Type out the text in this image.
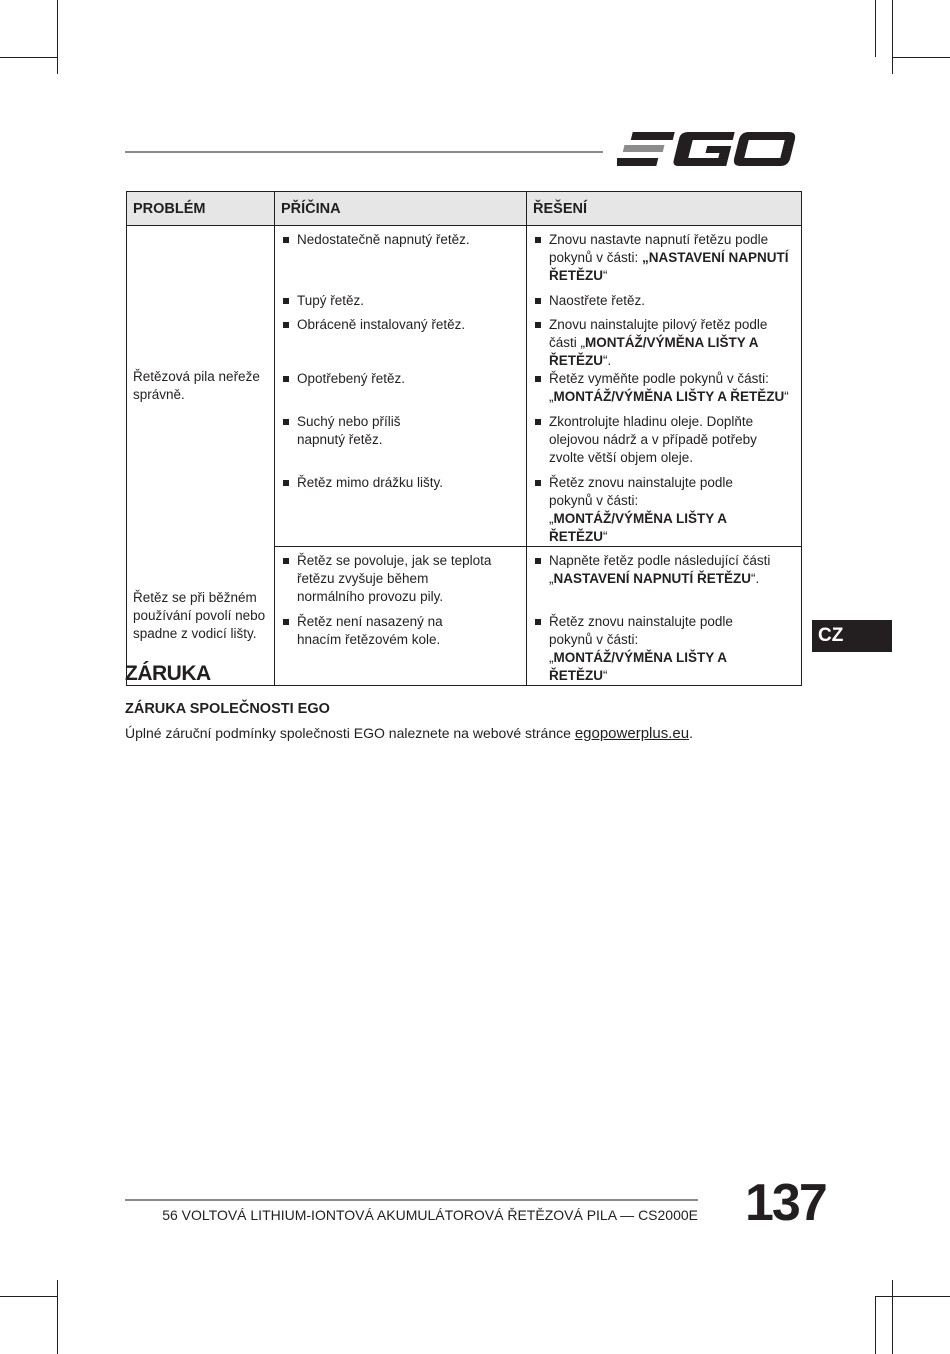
PROBLÉM	PŘÍČINA	ŘEŠENÍ
Řetězová pila neřeže správně.	Nedostatečně napnutý řetěz.	Znovu nastavte napnutí řetězu podle pokynů v části: „NASTAVENÍ NAPNUTÍ ŘETĚZU“

	Tupý řetěz.	Naostřete řetěz.

	Obráceně instalovaný řetěz.	Znovu nainstalujte pilový řetěz podle části „MONTÁŽ/VÝMĚNA LIŠTY A ŘETĚZU“.

	Opotřebený řetěz.	Řetěz vyměňte podle pokynů v části: „MONTÁŽ/VÝMĚNA LIŠTY A ŘETĚZU“

	Suchý nebo příliš napnutý řetěz.	Zkontrolujte hladinu oleje. Doplňte olejovou nádrž a v případě potřeby zvolte větší objem oleje.

	Řetěz mimo drážku lišty.	Řetěz znovu nainstalujte podle pokynů v části: „MONTÁŽ/VÝMĚNA LIŠTY A ŘETĚZU“

Řetěz se při běžném používání povolí nebo spadne z vodicí lišty.	Řetěz se povoluje, jak se teplota řetězu zvyšuje během normálního provozu pily.	Napněte řetěz podle následující části „NASTAVENÍ NAPNUTÍ ŘETĚZU“.

	Řetěz není nasazený na hnacím řetězovém kole.	Řetěz znovu nainstalujte podle pokynů v části: „MONTÁŽ/VÝMĚNA LIŠTY A ŘETĚZU“
CZ
ZÁRUKA
ZÁRUKA SPOLEČNOSTI EGO

Úplné záruční podmínky společnosti EGO naleznete na webové stránce egopowerplus.eu.

56 VOLTOVÁ LITHIUM-IONTOVÁ AKUMULÁTOROVÁ ŘETĚZOVÁ PILA — CS2000E 137
